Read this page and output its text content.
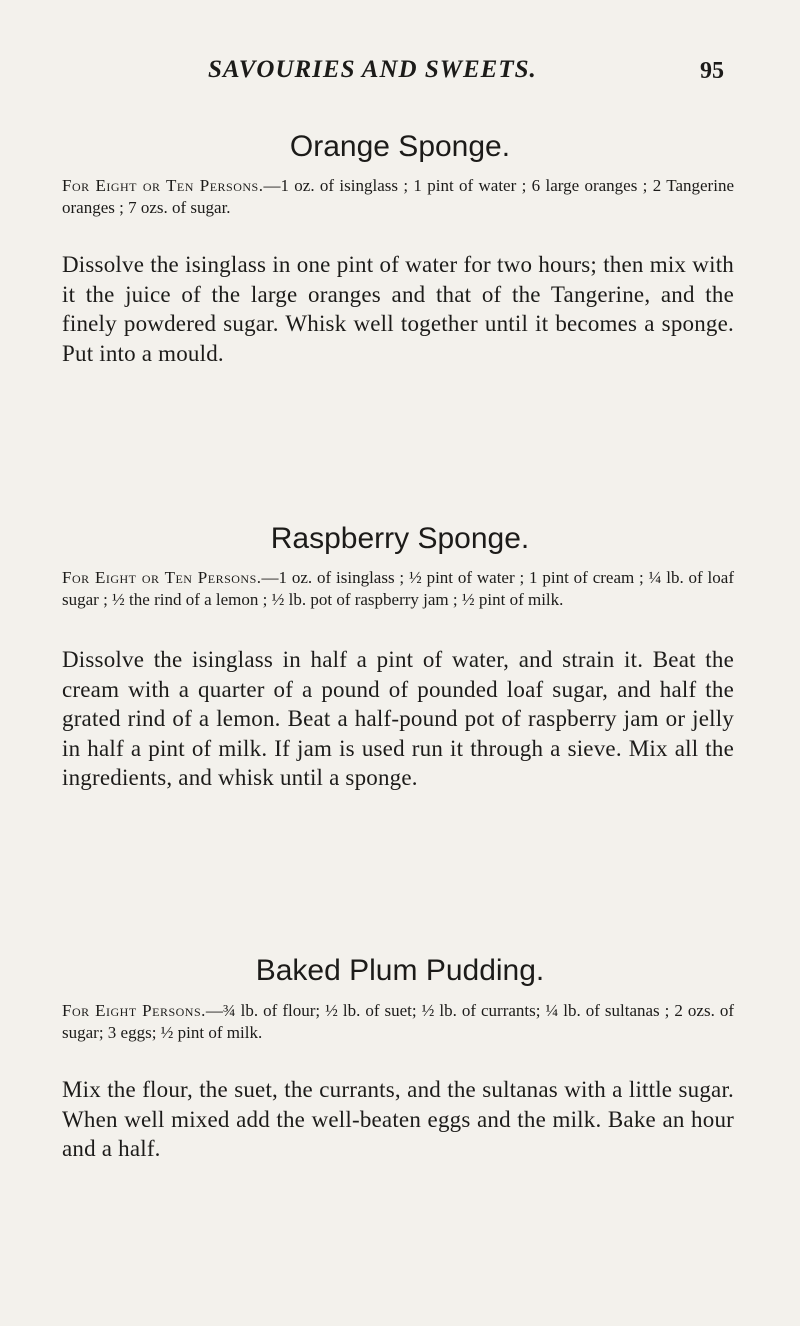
SAVOURIES AND SWEETS.	95
Orange Sponge.

For Eight or Ten Persons.—1 oz. of isinglass ; 1 pint of water ; 6 large oranges ; 2 Tangerine oranges ; 7 ozs. of sugar.

Dissolve the isinglass in one pint of water for two hours; then mix with it the juice of the large oranges and that of the Tangerine, and the finely powdered sugar. Whisk well together until it becomes a sponge. Put into a mould.

Raspberry Sponge.

For Eight or Ten Persons.—1 oz. of isinglass ; ½ pint of water ; 1 pint of cream ; ¼ lb. of loaf sugar ; ½ the rind of a lemon ; ½ lb. pot of raspberry jam ; ½ pint of milk.

Dissolve the isinglass in half a pint of water, and strain it. Beat the cream with a quarter of a pound of pounded loaf sugar, and half the grated rind of a lemon. Beat a half-pound pot of raspberry jam or jelly in half a pint of milk. If jam is used run it through a sieve. Mix all the ingredients, and whisk until a sponge.

Baked Plum Pudding.

For Eight Persons.—¾ lb. of flour; ½ lb. of suet; ½ lb. of currants; ¼ lb. of sultanas ; 2 ozs. of sugar; 3 eggs; ½ pint of milk.

Mix the flour, the suet, the currants, and the sultanas with a little sugar. When well mixed add the well-beaten eggs and the milk. Bake an hour and a half.
